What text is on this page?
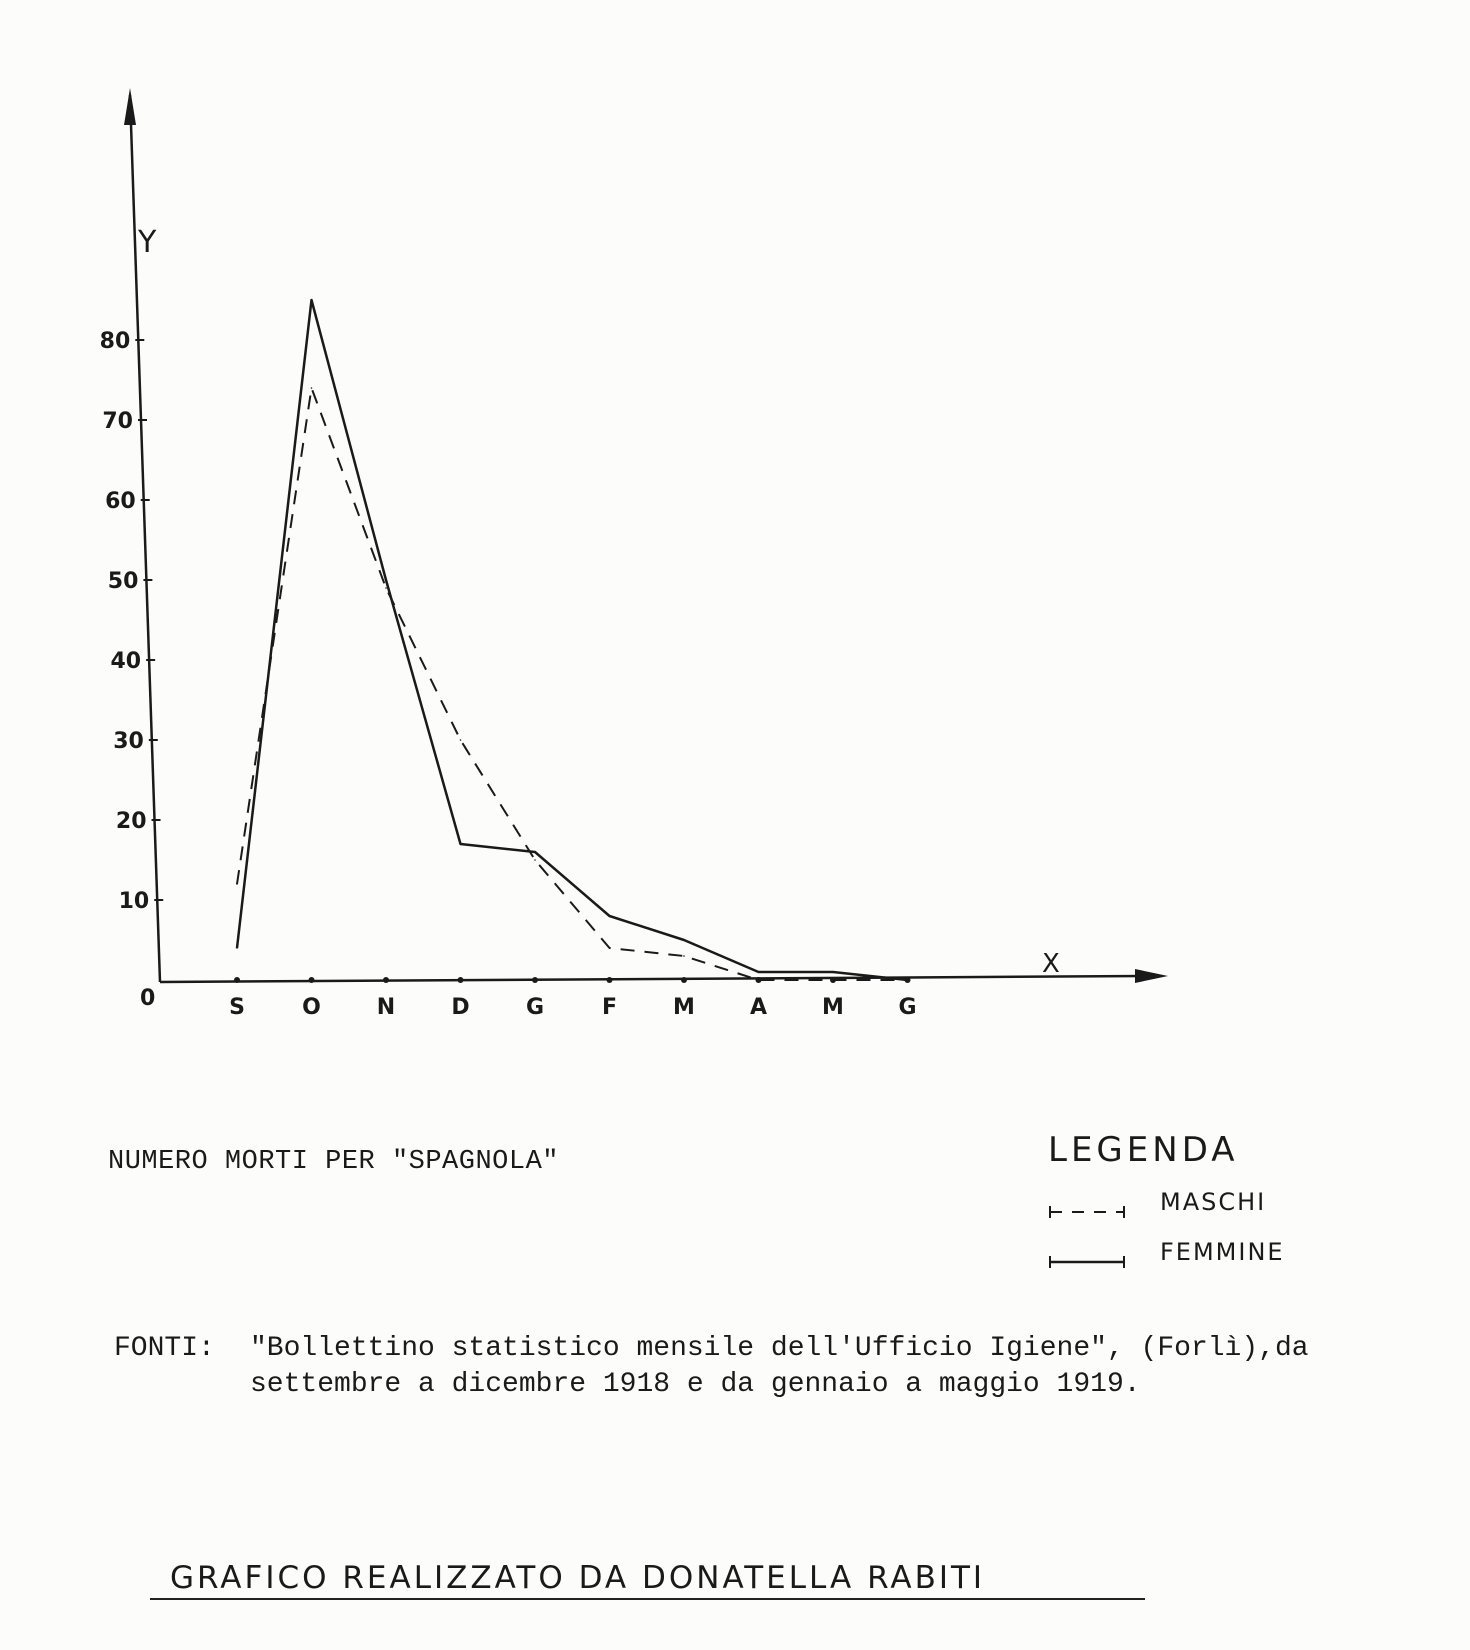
10
20
30
40
50
60
70
80
S	O	N	D	G	F	M	A	M G
Y
X
0
NUMERO MORTI PER "SPAGNOLA"	LEGENDA
MASCHI
FEMMINE
FONTI: "Bollettino statistico mensile dell'Ufficio Igiene", (Forlì),da settembre a dicembre 1918 e da gennaio a maggio 1919.
GRAFICO REALIZZATO DA DONATELLA RABITI
